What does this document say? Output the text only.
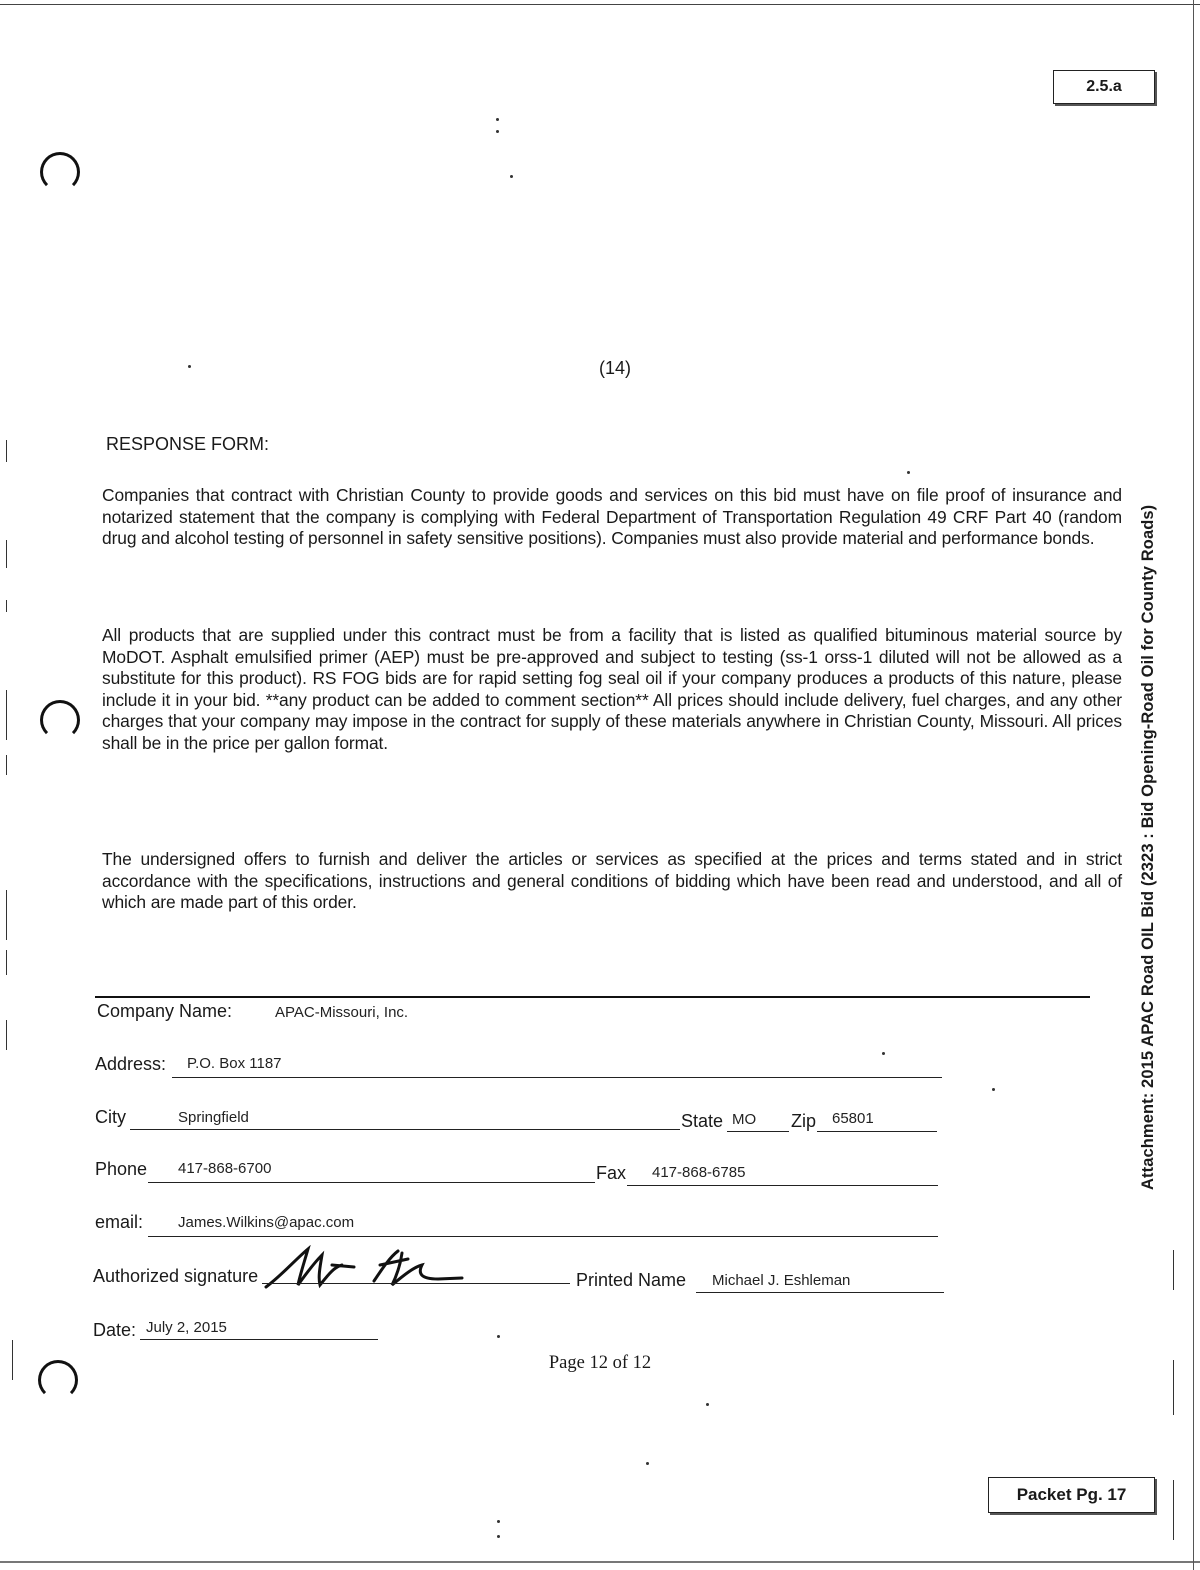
2.5.a
Attachment: 2015 APAC Road OIL Bid (2323 : Bid Opening-Road Oil for County Roads)
(14)
RESPONSE FORM:
Companies that contract with Christian County to provide goods and services on this bid must have on file proof of insurance and notarized statement that the company is complying with Federal Department of Transportation Regulation 49 CRF Part 40 (random drug and alcohol testing of personnel in safety sensitive positions). Companies must also provide material and performance bonds.
All products that are supplied under this contract must be from a facility that is listed as qualified bituminous material source by MoDOT. Asphalt emulsified primer (AEP) must be pre-approved and subject to testing (ss-1 orss-1 diluted will not be allowed as a substitute for this product). RS FOG bids are for rapid setting fog seal oil if your company produces a products of this nature, please include it in your bid. **any product can be added to comment section** All prices should include delivery, fuel charges, and any other charges that your company may impose in the contract for supply of these materials anywhere in Christian County, Missouri. All prices shall be in the price per gallon format.
The undersigned offers to furnish and deliver the articles or services as specified at the prices and terms stated and in strict accordance with the specifications, instructions and general conditions of bidding which have been read and understood, and all of which are made part of this order.
Company Name:	APAC-Missouri, Inc.
Address: P.O. Box 1187
City	Springfield	State MO Zip 65801
Phone 417-868-6700	Fax 417-868-6785
email: James.Wilkins@apac.com
Authorized signature	Printed Name Michael J. Eshleman
Date: July 2, 2015
Page 12 of 12
Packet Pg. 17
